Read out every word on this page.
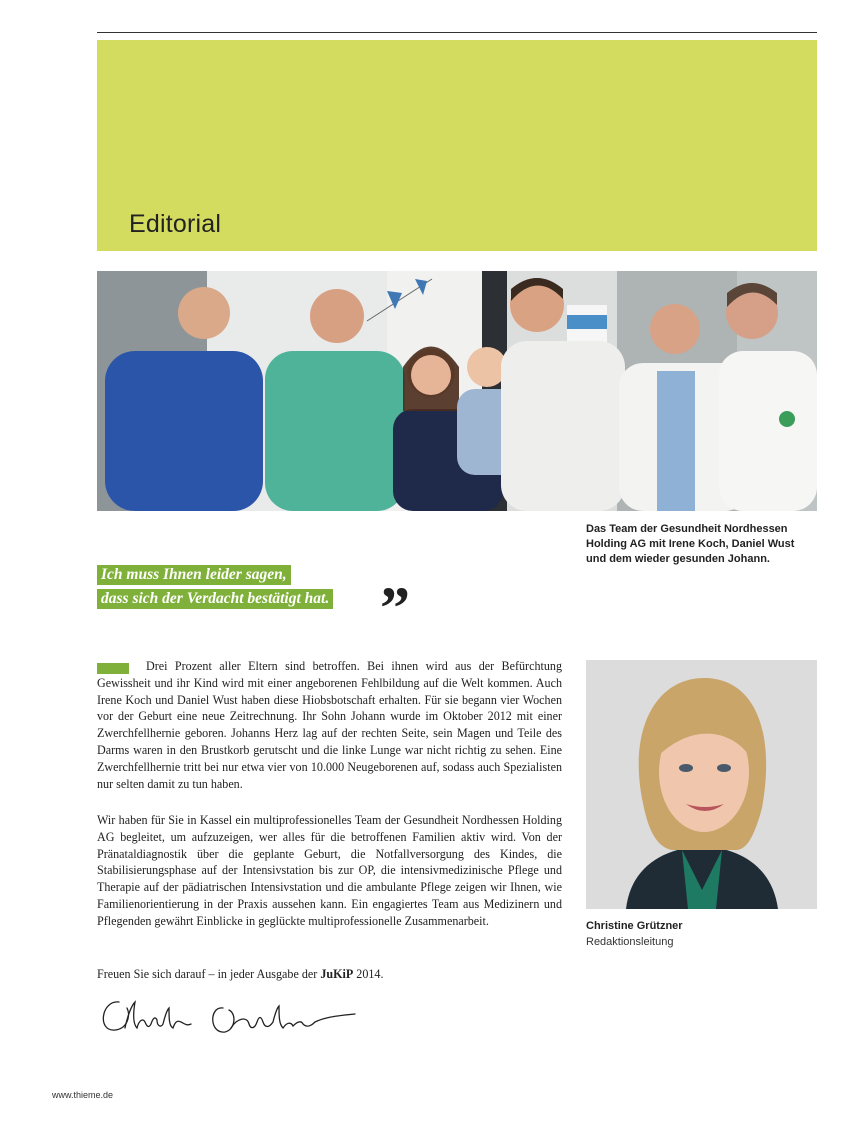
Editorial
Das Team der Gesundheit Nordhessen Holding AG mit Irene Koch, Daniel Wust und dem wieder gesunden Johann.
Ich muss Ihnen leider sagen,
dass sich der Verdacht bestätigt hat. ”

Drei Prozent aller Eltern sind betroffen. Bei ihnen wird aus der Befürchtung Gewissheit und ihr Kind wird mit einer angeborenen Fehlbildung auf die Welt kommen. Auch Irene Koch und Daniel Wust haben diese Hiobsbotschaft erhalten. Für sie begann vier Wochen vor der Geburt eine neue Zeitrechnung. Ihr Sohn Johann wurde im Oktober 2012 mit einer Zwerchfellhernie geboren. Johanns Herz lag auf der rechten Seite, sein Magen und Teile des Darms waren in den Brustkorb gerutscht und die linke Lunge war nicht richtig zu sehen. Eine Zwerchfellhernie tritt bei nur etwa vier von 10.000 Neugeborenen auf, sodass auch Spezialisten nur selten damit zu tun haben.

Wir haben für Sie in Kassel ein multiprofessionelles Team der Gesundheit Nordhessen Holding AG begleitet, um aufzuzeigen, wer alles für die betroffenen Familien aktiv wird. Von der Pränataldiagnostik über die geplante Geburt, die Notfallversorgung des Kindes, die Stabilisierungsphase auf der Intensivstation bis zur OP, die intensivmedizinische Pflege und Therapie auf der pädiatrischen Intensivstation und die ambulante Pflege zeigen wir Ihnen, wie Familienorientierung in der Praxis aussehen kann. Ein engagiertes Team aus Medizinern und Pflegenden gewährt Einblicke in geglückte multiprofessionelle Zusammenarbeit.

Freuen Sie sich darauf – in jeder Ausgabe der JuKiP 2014.

Christine Grützner
Redaktionsleitung
www.thieme.de
